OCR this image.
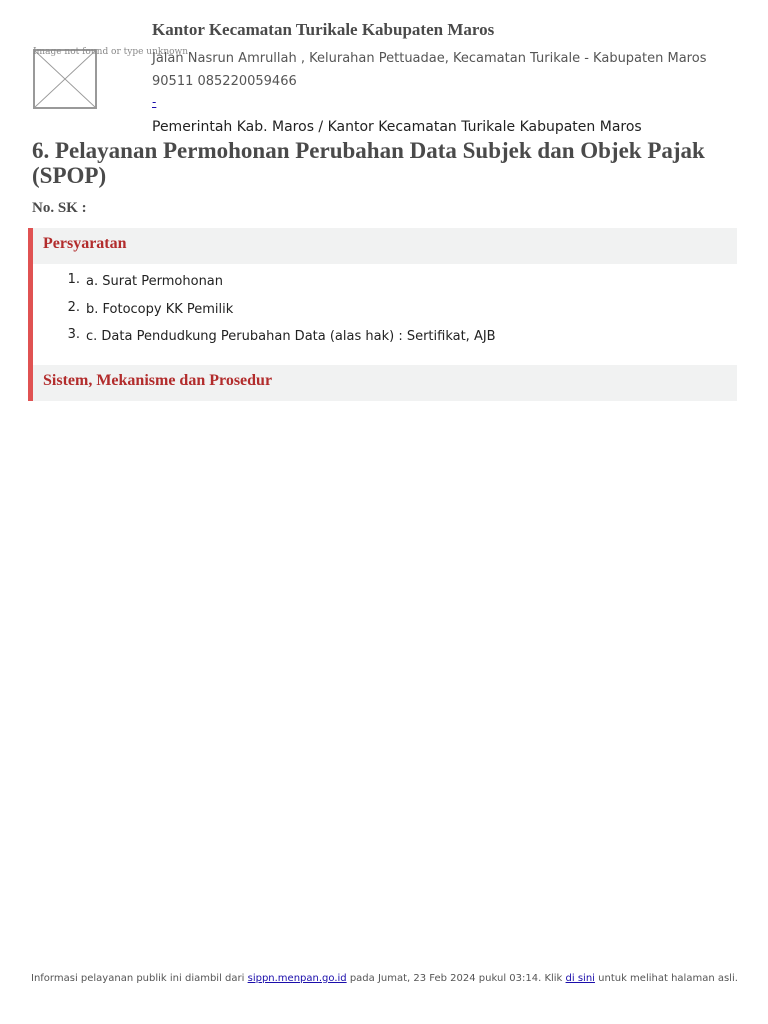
Image not found or type unknown
Kantor Kecamatan Turikale Kabupaten Maros
Jalan Nasrun Amrullah , Kelurahan Pettuadae, Kecamatan Turikale - Kabupaten Maros
90511 085220059466
-
Pemerintah Kab. Maros / Kantor Kecamatan Turikale Kabupaten Maros
6. Pelayanan Permohonan Perubahan Data Subjek dan Objek Pajak (SPOP)
No. SK :
Persyaratan
1. a. Surat Permohonan
2. b. Fotocopy KK Pemilik
3. c. Data Pendudkung Perubahan Data (alas hak) : Sertifikat, AJB
Sistem, Mekanisme dan Prosedur
Informasi pelayanan publik ini diambil dari sippn.menpan.go.id pada Jumat, 23 Feb 2024 pukul 03:14. Klik di sini untuk melihat halaman asli.
